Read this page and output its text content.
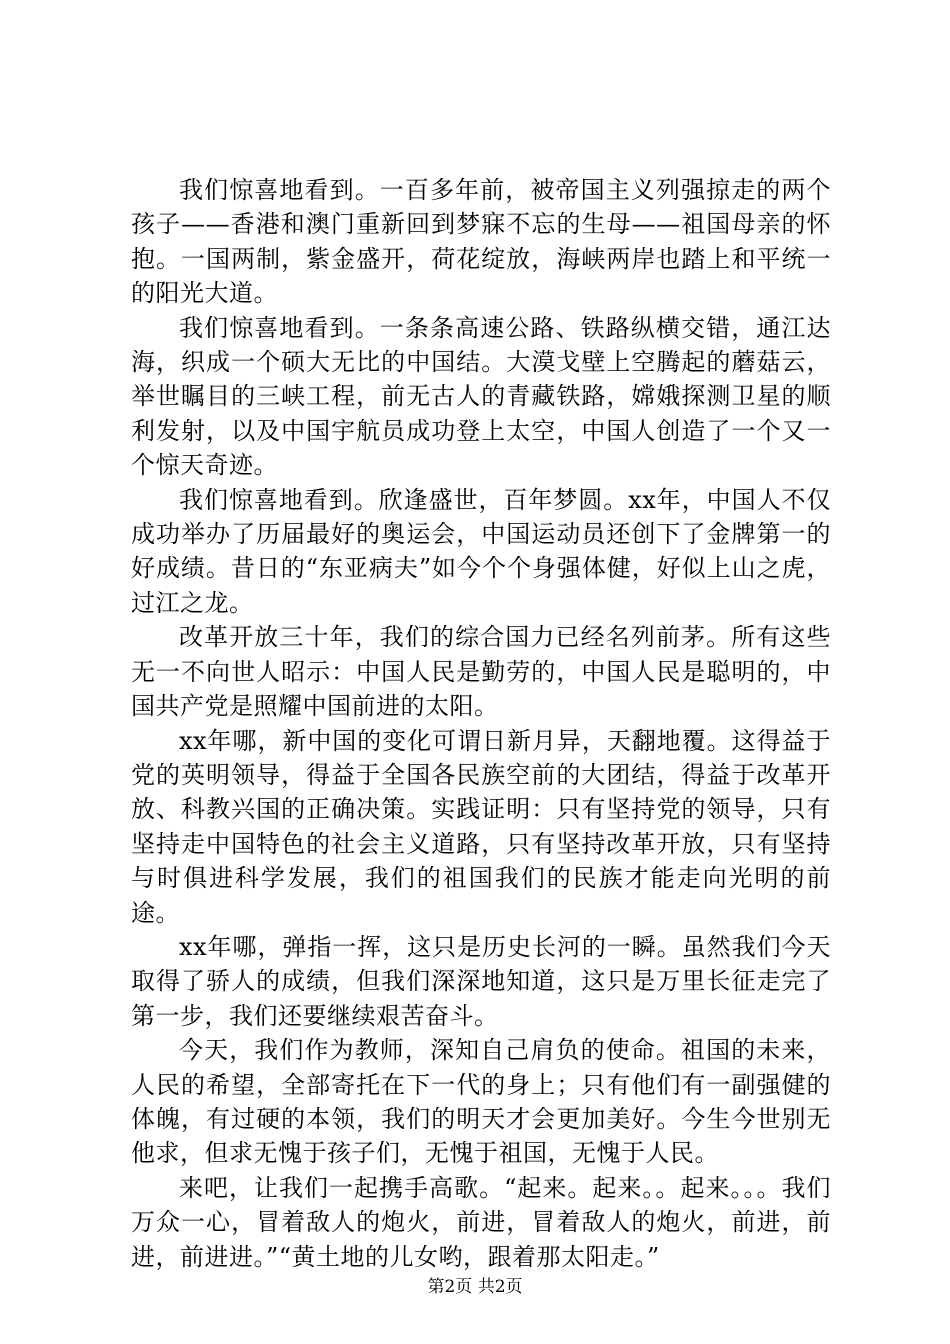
我们惊喜地看到。一百多年前，被帝国主义列强掠走的两个孩子——香港和澳门重新回到梦寐不忘的生母——祖国母亲的怀抱。一国两制，紫金盛开，荷花绽放，海峡两岸也踏上和平统一的阳光大道。

我们惊喜地看到。一条条高速公路、铁路纵横交错，通江达海，织成一个硕大无比的中国结。大漠戈壁上空腾起的蘑菇云，举世瞩目的三峡工程，前无古人的青藏铁路，嫦娥探测卫星的顺利发射，以及中国宇航员成功登上太空，中国人创造了一个又一个惊天奇迹。

我们惊喜地看到。欣逢盛世，百年梦圆。xx年，中国人不仅成功举办了历届最好的奥运会，中国运动员还创下了金牌第一的好成绩。昔日的“东亚病夫”如今个个身强体健，好似上山之虎，过江之龙。

改革开放三十年，我们的综合国力已经名列前茅。所有这些无一不向世人昭示：中国人民是勤劳的，中国人民是聪明的，中国共产党是照耀中国前进的太阳。

xx年哪，新中国的变化可谓日新月异，天翻地覆。这得益于党的英明领导，得益于全国各民族空前的大团结，得益于改革开放、科教兴国的正确决策。实践证明：只有坚持党的领导，只有坚持走中国特色的社会主义道路，只有坚持改革开放，只有坚持与时俱进科学发展，我们的祖国我们的民族才能走向光明的前途。

xx年哪，弹指一挥，这只是历史长河的一瞬。虽然我们今天取得了骄人的成绩，但我们深深地知道，这只是万里长征走完了第一步，我们还要继续艰苦奋斗。

今天，我们作为教师，深知自己肩负的使命。祖国的未来，人民的希望，全部寄托在下一代的身上；只有他们有一副强健的体魄，有过硬的本领，我们的明天才会更加美好。今生今世别无他求，但求无愧于孩子们，无愧于祖国，无愧于人民。

来吧，让我们一起携手高歌。“起来。起来。。起来。。。我们万众一心，冒着敌人的炮火，前进，冒着敌人的炮火，前进，前进，前进进。”“黄土地的儿女哟，跟着那太阳走。”

第2页 共2页
